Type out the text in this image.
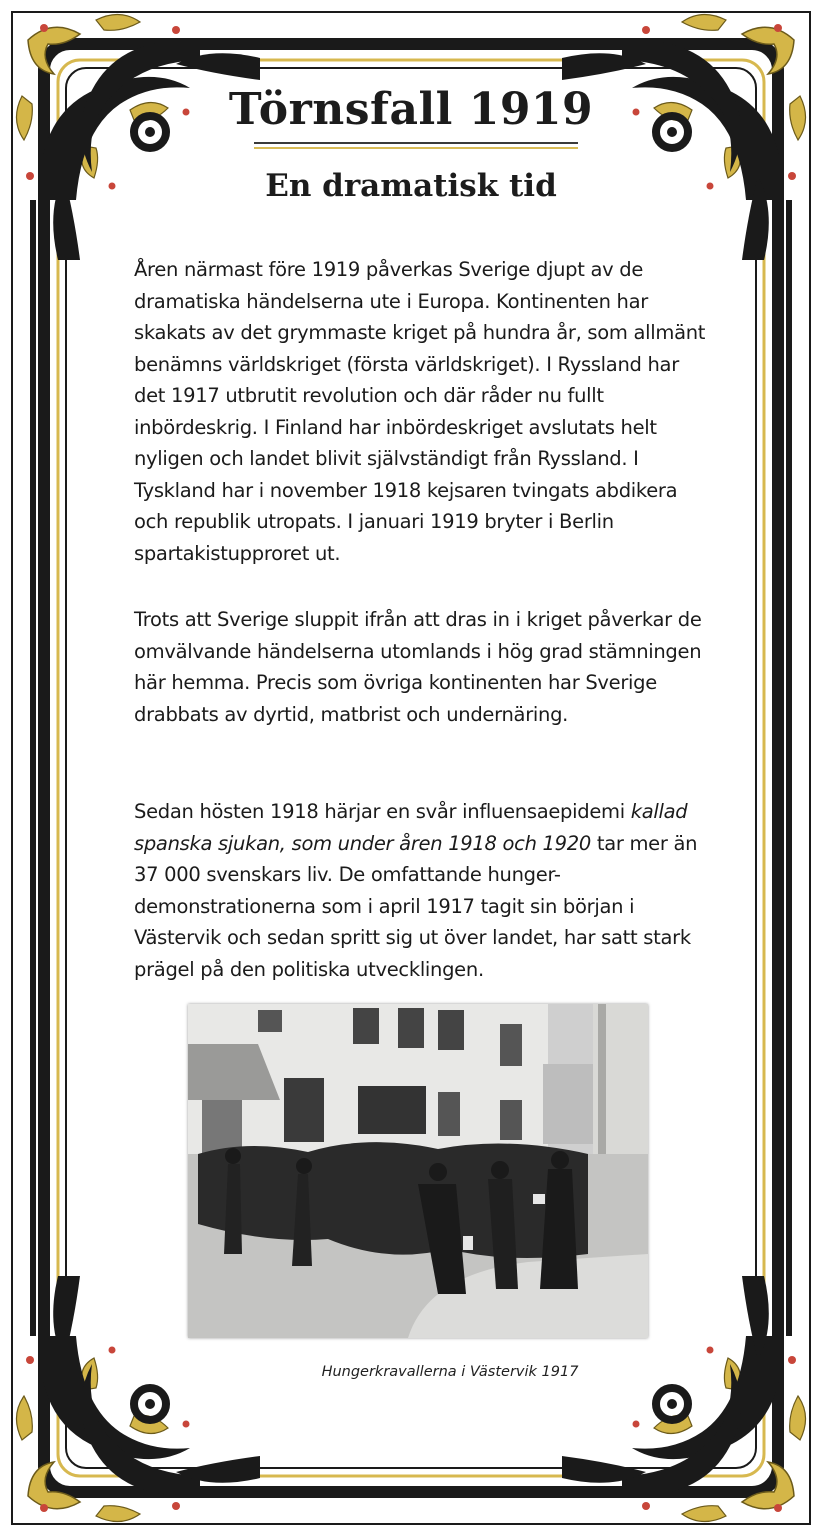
Törnsfall 1919
En dramatisk tid

Åren närmast före 1919 påverkas Sverige djupt av de dramatiska händelserna ute i Europa. Kontinenten har skakats av det grymmaste kriget på hundra år, som allmänt benämns världskriget (första världskriget). I Ryssland har det 1917 utbrutit revolution och där råder nu fullt inbördeskrig. I Finland har inbördeskriget avslutats helt nyligen och landet blivit självständigt från Ryssland. I Tyskland har i november 1918 kejsaren tvingats abdikera och republik utropats. I januari 1919 bryter i Berlin spartakistupproret ut.

Trots att Sverige sluppit ifrån att dras in i kriget påverkar de omvälvande händelserna utomlands i hög grad stämningen här hemma. Precis som övriga kontinenten har Sverige drabbats av dyrtid, matbrist och undernäring.

Sedan hösten 1918 härjar en svår influensaepidemi kallad spanska sjukan, som under åren 1918 och 1920 tar mer än 37 000 svenskars liv. De omfattande hunger-demonstrationerna som i april 1917 tagit sin början i Västervik och sedan spritt sig ut över landet, har satt stark prägel på den politiska utvecklingen.

Hungerkravallerna i Västervik 1917
